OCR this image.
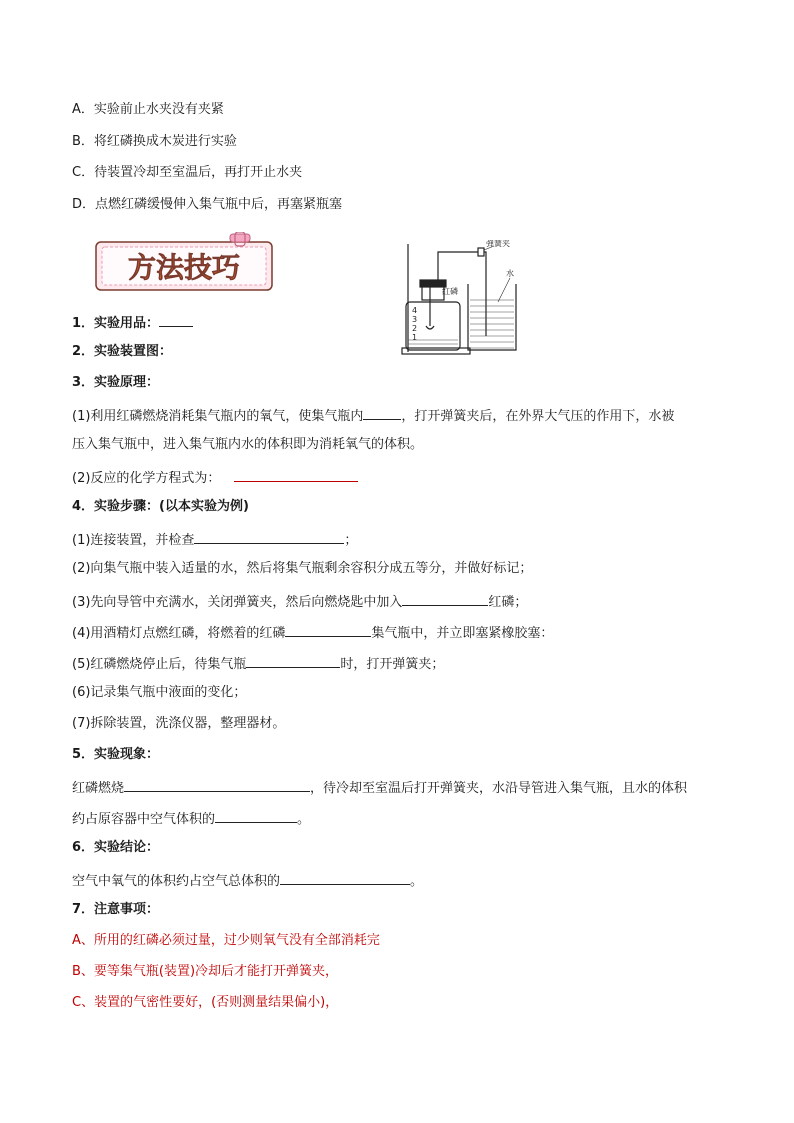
A．实验前止水夹没有夹紧
B．将红磷换成木炭进行实验
C．待装置冷却至室温后，再打开止水夹
D．点燃红磷缓慢伸入集气瓶中后，再塞紧瓶塞
方法技巧
弹簧夹
红磷
水
4
3
2
1
1．实验用品：
2．实验装置图：
3．实验原理：
(1)利用红磷燃烧消耗集气瓶内的氧气，使集气瓶内	，打开弹簧夹后，在外界大气压的作用下，水被
压入集气瓶中，进入集气瓶内水的体积即为消耗氧气的体积。
(2)反应的化学方程式为：
4．实验步骤：(以本实验为例)
(1)连接装置，并检查	；
(2)向集气瓶中装入适量的水，然后将集气瓶剩余容积分成五等分，并做好标记；
(3)先向导管中充满水，关闭弹簧夹，然后向燃烧匙中加入	红磷；
(4)用酒精灯点燃红磷，将燃着的红磷	集气瓶中，并立即塞紧橡胶塞：
(5)红磷燃烧停止后，待集气瓶	时，打开弹簧夹；
(6)记录集气瓶中液面的变化；
(7)拆除装置，洗涤仪器，整理器材。
5．实验现象：
红磷燃烧	，待冷却至室温后打开弹簧夹，水沿导管进入集气瓶，且水的体积
约占原容器中空气体积的	。
6．实验结论：
空气中氧气的体积约占空气总体积的	。
7．注意事项：
A、所用的红磷必须过量，过少则氧气没有全部消耗完
B、要等集气瓶(装置)冷却后才能打开弹簧夹，
C、装置的气密性要好，(否则测量结果偏小)，
